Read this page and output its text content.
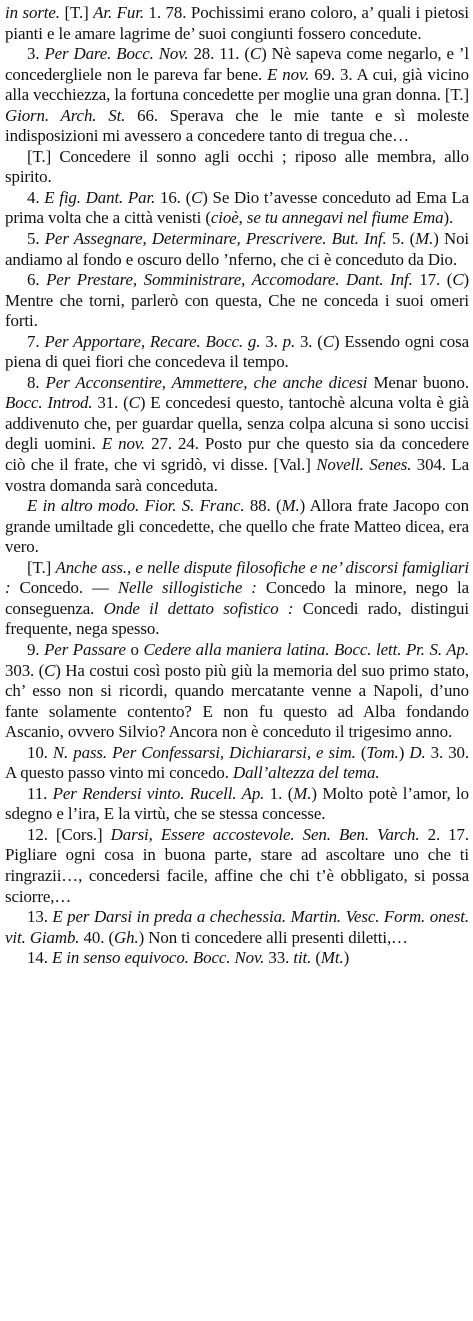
in sorte. [T.] Ar. Fur. 1. 78. Pochissimi erano coloro, a’ quali i pietosi pianti e le amare lagrime de’ suoi congiunti fossero concedute.

3. Per Dare. Bocc. Nov. 28. 11. (C) Nè sapeva come negarlo, e ’l concedergliele non le pareva far bene. E nov. 69. 3. A cui, già vicino alla vecchiezza, la fortuna concedette per moglie una gran donna. [T.] Giorn. Arch. St. 66. Sperava che le mie tante e sì moleste indisposizioni mi avessero a concedere tanto di tregua che…

[T.] Concedere il sonno agli occhi ; riposo alle membra, allo spirito.

4. E fig. Dant. Par. 16. (C) Se Dio t’avesse conceduto ad Ema La prima volta che a città venisti (cioè, se tu annegavi nel fiume Ema).

5. Per Assegnare, Determinare, Prescrivere. But. Inf. 5. (M.) Noi andiamo al fondo e oscuro dello ’nferno, che ci è conceduto da Dio.

6. Per Prestare, Somministrare, Accomodare. Dant. Inf. 17. (C) Mentre che torni, parlerò con questa, Che ne conceda i suoi omeri forti.

7. Per Apportare, Recare. Bocc. g. 3. p. 3. (C) Essendo ogni cosa piena di quei fiori che concedeva il tempo.

8. Per Acconsentire, Ammettere, che anche dicesi Menar buono. Bocc. Introd. 31. (C) E concedesi questo, tantochè alcuna volta è già addivenuto che, per guardar quella, senza colpa alcuna si sono uccisi degli uomini. E nov. 27. 24. Posto pur che questo sia da concedere ciò che il frate, che vi sgridò, vi disse. [Val.] Novell. Senes. 304. La vostra domanda sarà conceduta.

E in altro modo. Fior. S. Franc. 88. (M.) Allora frate Jacopo con grande umiltade gli concedette, che quello che frate Matteo dicea, era vero.

[T.] Anche ass., e nelle dispute filosofiche e ne’ discorsi famigliari : Concedo. — Nelle sillogistiche : Concedo la minore, nego la conseguenza. Onde il dettato sofistico : Concedi rado, distingui frequente, nega spesso.

9. Per Passare o Cedere alla maniera latina. Bocc. lett. Pr. S. Ap. 303. (C) Ha costui così posto più giù la memoria del suo primo stato, ch’ esso non si ricordi, quando mercatante venne a Napoli, d’uno fante solamente contento? E non fu questo ad Alba fondando Ascanio, ovvero Silvio? Ancora non è conceduto il trigesimo anno.

10. N. pass. Per Confessarsi, Dichiararsi, e sim. (Tom.) D. 3. 30. A questo passo vinto mi concedo. Dall’altezza del tema.

11. Per Rendersi vinto. Rucell. Ap. 1. (M.) Molto potè l’amor, lo sdegno e l’ira, E la virtù, che se stessa concesse.

12. [Cors.] Darsi, Essere accostevole. Sen. Ben. Varch. 2. 17. Pigliare ogni cosa in buona parte, stare ad ascoltare uno che ti ringrazii…, concedersi facile, affine che chi t’è obbligato, si possa sciorre,…

13. E per Darsi in preda a chechessia. Martin. Vesc. Form. onest. vit. Giamb. 40. (Gh.) Non ti concedere alli presenti diletti,…

14. E in senso equivoco. Bocc. Nov. 33. tit. (Mt.)
